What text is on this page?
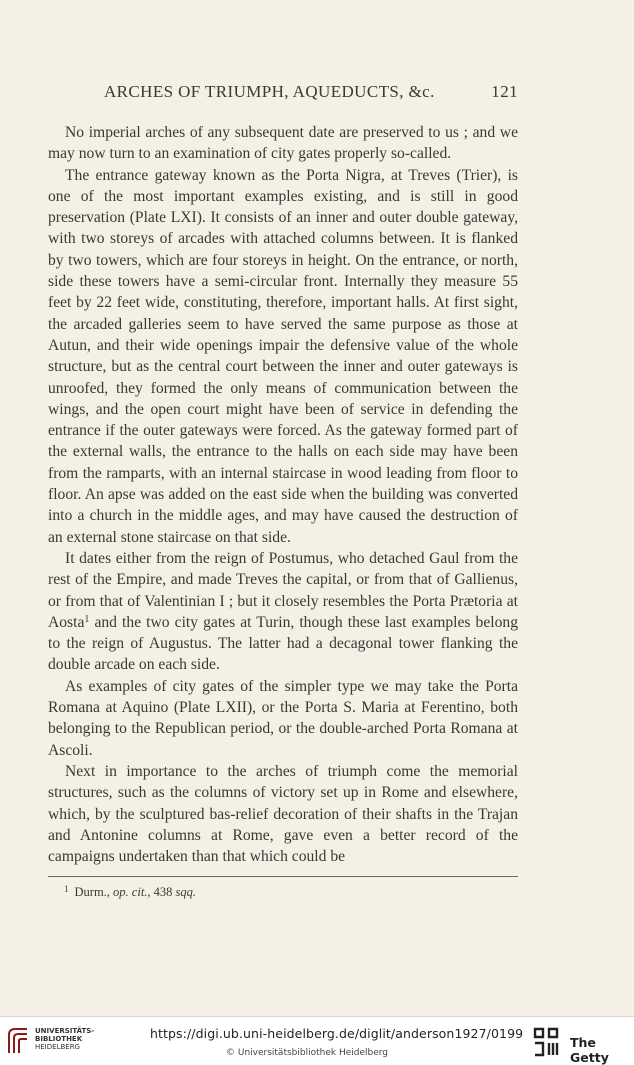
ARCHES OF TRIUMPH, AQUEDUCTS, &c.	121

No imperial arches of any subsequent date are preserved to us ; and we may now turn to an examination of city gates properly so-called.

The entrance gateway known as the Porta Nigra, at Treves (Trier), is one of the most important examples existing, and is still in good preservation (Plate LXI). It consists of an inner and outer double gateway, with two storeys of arcades with attached columns between. It is flanked by two towers, which are four storeys in height. On the entrance, or north, side these towers have a semi-circular front. Internally they measure 55 feet by 22 feet wide, constituting, therefore, important halls. At first sight, the arcaded galleries seem to have served the same purpose as those at Autun, and their wide openings impair the defensive value of the whole structure, but as the central court between the inner and outer gateways is unroofed, they formed the only means of communication between the wings, and the open court might have been of service in defending the entrance if the outer gateways were forced. As the gateway formed part of the external walls, the entrance to the halls on each side may have been from the ramparts, with an internal staircase in wood leading from floor to floor. An apse was added on the east side when the building was converted into a church in the middle ages, and may have caused the destruction of an external stone staircase on that side.

It dates either from the reign of Postumus, who detached Gaul from the rest of the Empire, and made Treves the capital, or from that of Gallienus, or from that of Valentinian I ; but it closely resembles the Porta Prætoria at Aosta$^1$ and the two city gates at Turin, though these last examples belong to the reign of Augustus. The latter had a decagonal tower flanking the double arcade on each side.

As examples of city gates of the simpler type we may take the Porta Romana at Aquino (Plate LXII), or the Porta S. Maria at Ferentino, both belonging to the Republican period, or the double-arched Porta Romana at Ascoli.

Next in importance to the arches of triumph come the memorial structures, such as the columns of victory set up in Rome and elsewhere, which, by the sculptured bas-relief decoration of their shafts in the Trajan and Antonine columns at Rome, gave even a better record of the campaigns undertaken than that which could be

$^1$ Durm., op. cit., 438 sqq.
UNIVERSITÄTS-
BIBLIOTHEK
HEIDELBERG
https://digi.ub.uni-heidelberg.de/diglit/anderson1927/0199
© Universitätsbibliothek Heidelberg
The Getty
